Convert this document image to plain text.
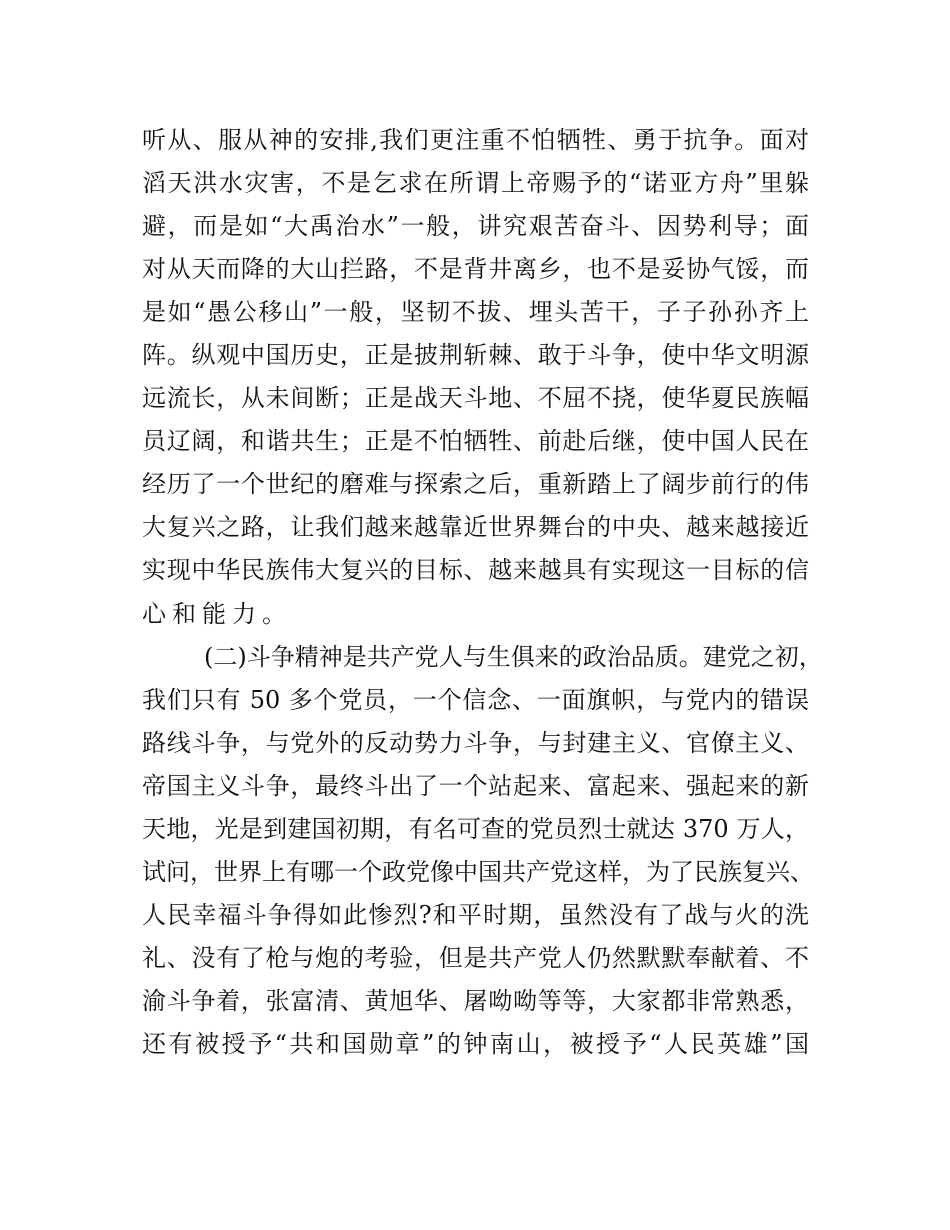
听从、服从神的安排,我们更注重不怕牺牲、勇于抗争。面对
滔天洪水灾害，不是乞求在所谓上帝赐予的“诺亚方舟”里躲
避，而是如“大禹治水”一般，讲究艰苦奋斗、因势利导；面
对从天而降的大山拦路，不是背井离乡，也不是妥协气馁，而
是如“愚公移山”一般，坚韧不拔、埋头苦干，子子孙孙齐上
阵。纵观中国历史，正是披荆斩棘、敢于斗争，使中华文明源
远流长，从未间断；正是战天斗地、不屈不挠，使华夏民族幅
员辽阔，和谐共生；正是不怕牺牲、前赴后继，使中国人民在
经历了一个世纪的磨难与探索之后，重新踏上了阔步前行的伟
大复兴之路，让我们越来越靠近世界舞台的中央、越来越接近
实现中华民族伟大复兴的目标、越来越具有实现这一目标的信
心和能力。
(二)斗争精神是共产党人与生俱来的政治品质。建党之初，
我们只有 50 多个党员，一个信念、一面旗帜，与党内的错误
路线斗争，与党外的反动势力斗争，与封建主义、官僚主义、
帝国主义斗争，最终斗出了一个站起来、富起来、强起来的新
天地，光是到建国初期，有名可查的党员烈士就达 370 万人，
试问，世界上有哪一个政党像中国共产党这样，为了民族复兴、
人民幸福斗争得如此惨烈?和平时期，虽然没有了战与火的洗
礼、没有了枪与炮的考验，但是共产党人仍然默默奉献着、不
渝斗争着，张富清、黄旭华、屠呦呦等等，大家都非常熟悉，
还有被授予“共和国勋章”的钟南山，被授予“人民英雄”国
